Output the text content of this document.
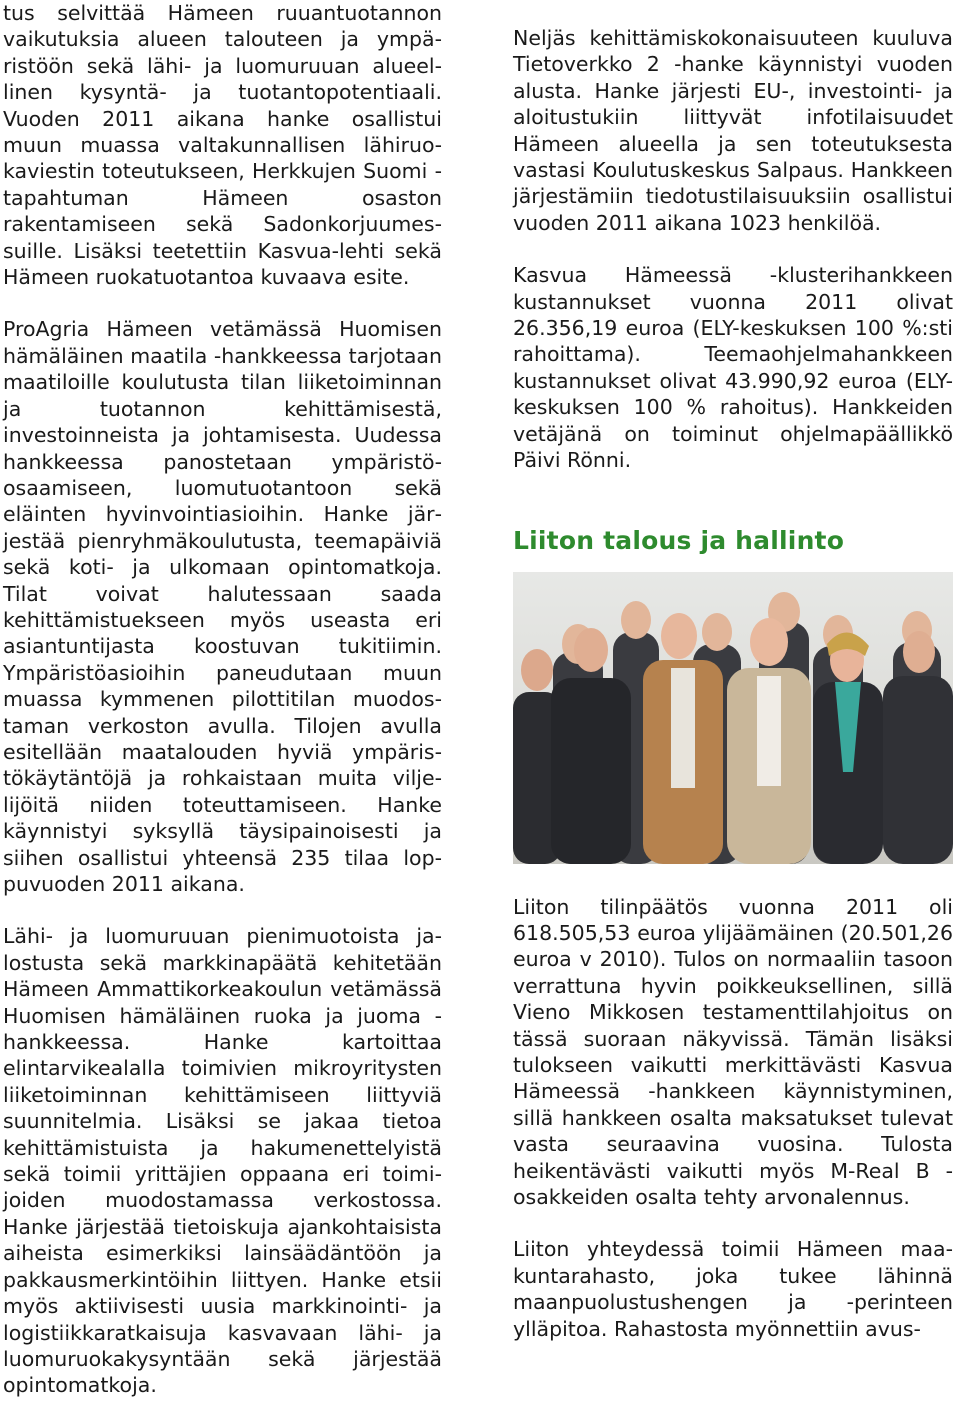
tus selvittää Hämeen ruuantuotannon vaikutuksia alueen talouteen ja ympäristöön sekä lähi- ja luomuruuan alueellinen kysyntä- ja tuotantopotentiaali. Vuoden 2011 aikana hanke osallistui muun muassa valtakunnallisen lähiruokaviestin toteutukseen, Herkkujen Suomi -tapahtuman Hämeen osaston rakentamiseen sekä Sadonkorjuumessuille. Lisäksi teetettiin Kasvua-lehti sekä Hämeen ruokatuotantoa kuvaava esite.

ProAgria Hämeen vetämässä Huomisen hämäläinen maatila -hankkeessa tarjotaan maatiloille koulutusta tilan liiketoiminnan ja tuotannon kehittämisestä, investoinneista ja johtamisesta. Uudessa hankkeessa panostetaan ympäristöosaamiseen, luomutuotantoon sekä eläinten hyvinvointiasioihin. Hanke järjestää pienryhmäkoulutusta, teemapäiviä sekä koti- ja ulkomaan opintomatkoja. Tilat voivat halutessaan saada kehittämistuekseen myös useasta eri asiantuntijasta koostuvan tukitiimin. Ympäristöasioihin paneudutaan muun muassa kymmenen pilottitilan muodostaman verkoston avulla. Tilojen avulla esitellään maatalouden hyviä ympäristökäytäntöjä ja rohkaistaan muita viljelijöitä niiden toteuttamiseen. Hanke käynnistyi syksyllä täysipainoisesti ja siihen osallistui yhteensä 235 tilaa loppuvuoden 2011 aikana.

Lähi- ja luomuruuan pienimuotoista jalostusta sekä markkinapäätä kehitetään Hämeen Ammattikorkeakoulun vetämässä Huomisen hämäläinen ruoka ja juoma -hankkeessa. Hanke kartoittaa elintarvikealalla toimivien mikroyritysten liiketoiminnan kehittämiseen liittyviä suunnitelmia. Lisäksi se jakaa tietoa kehittämistuista ja hakumenettelyistä sekä toimii yrittäjien oppaana eri toimijoiden muodostamassa verkostossa. Hanke järjestää tietoiskuja ajankohtaisista aiheista esimerkiksi lainsäädäntöön ja pakkausmerkintöihin liittyen. Hanke etsii myös aktiivisesti uusia markkinointi- ja logistiikkaratkaisuja kasvavaan lähi- ja luomuruokakysyntään sekä järjestää opintomatkoja.

Neljäs kehittämiskokonaisuuteen kuuluva Tietoverkko 2 -hanke käynnistyi vuoden alusta. Hanke järjesti EU-, investointi- ja aloitustukiin liittyvät infotilaisuudet Hämeen alueella ja sen toteutuksesta vastasi Koulutuskeskus Salpaus. Hankkeen järjestämiin tiedotustilaisuuksiin osallistui vuoden 2011 aikana 1023 henkilöä.

Kasvua Hämeessä -klusterihankkeen kustannukset vuonna 2011 olivat 26.356,19 euroa (ELY-keskuksen 100 %:sti rahoittama). Teemaohjelmahankkeen kustannukset olivat 43.990,92 euroa (ELY-keskuksen 100 % rahoitus). Hankkeiden vetäjänä on toiminut ohjelmapäällikkö Päivi Rönni.

Liiton talous ja hallinto

Liiton tilinpäätös vuonna 2011 oli 618.505,53 euroa ylijäämäinen (20.501,26 euroa v 2010). Tulos on normaaliin tasoon verrattuna hyvin poikkeuksellinen, sillä Vieno Mikkosen testamenttilahjoitus on tässä suoraan näkyvissä. Tämän lisäksi tulokseen vaikutti merkittävästi Kasvua Hämeessä -hankkeen käynnistyminen, sillä hankkeen osalta maksatukset tulevat vasta seuraavina vuosina. Tulosta heikentävästi vaikutti myös M-Real B -osakkeiden osalta tehty arvonalennus.

Liiton yhteydessä toimii Hämeen maakuntarahasto, joka tukee lähinnä maanpuolustushengen ja -perinteen ylläpitoa. Rahastosta myönnettiin avus-
